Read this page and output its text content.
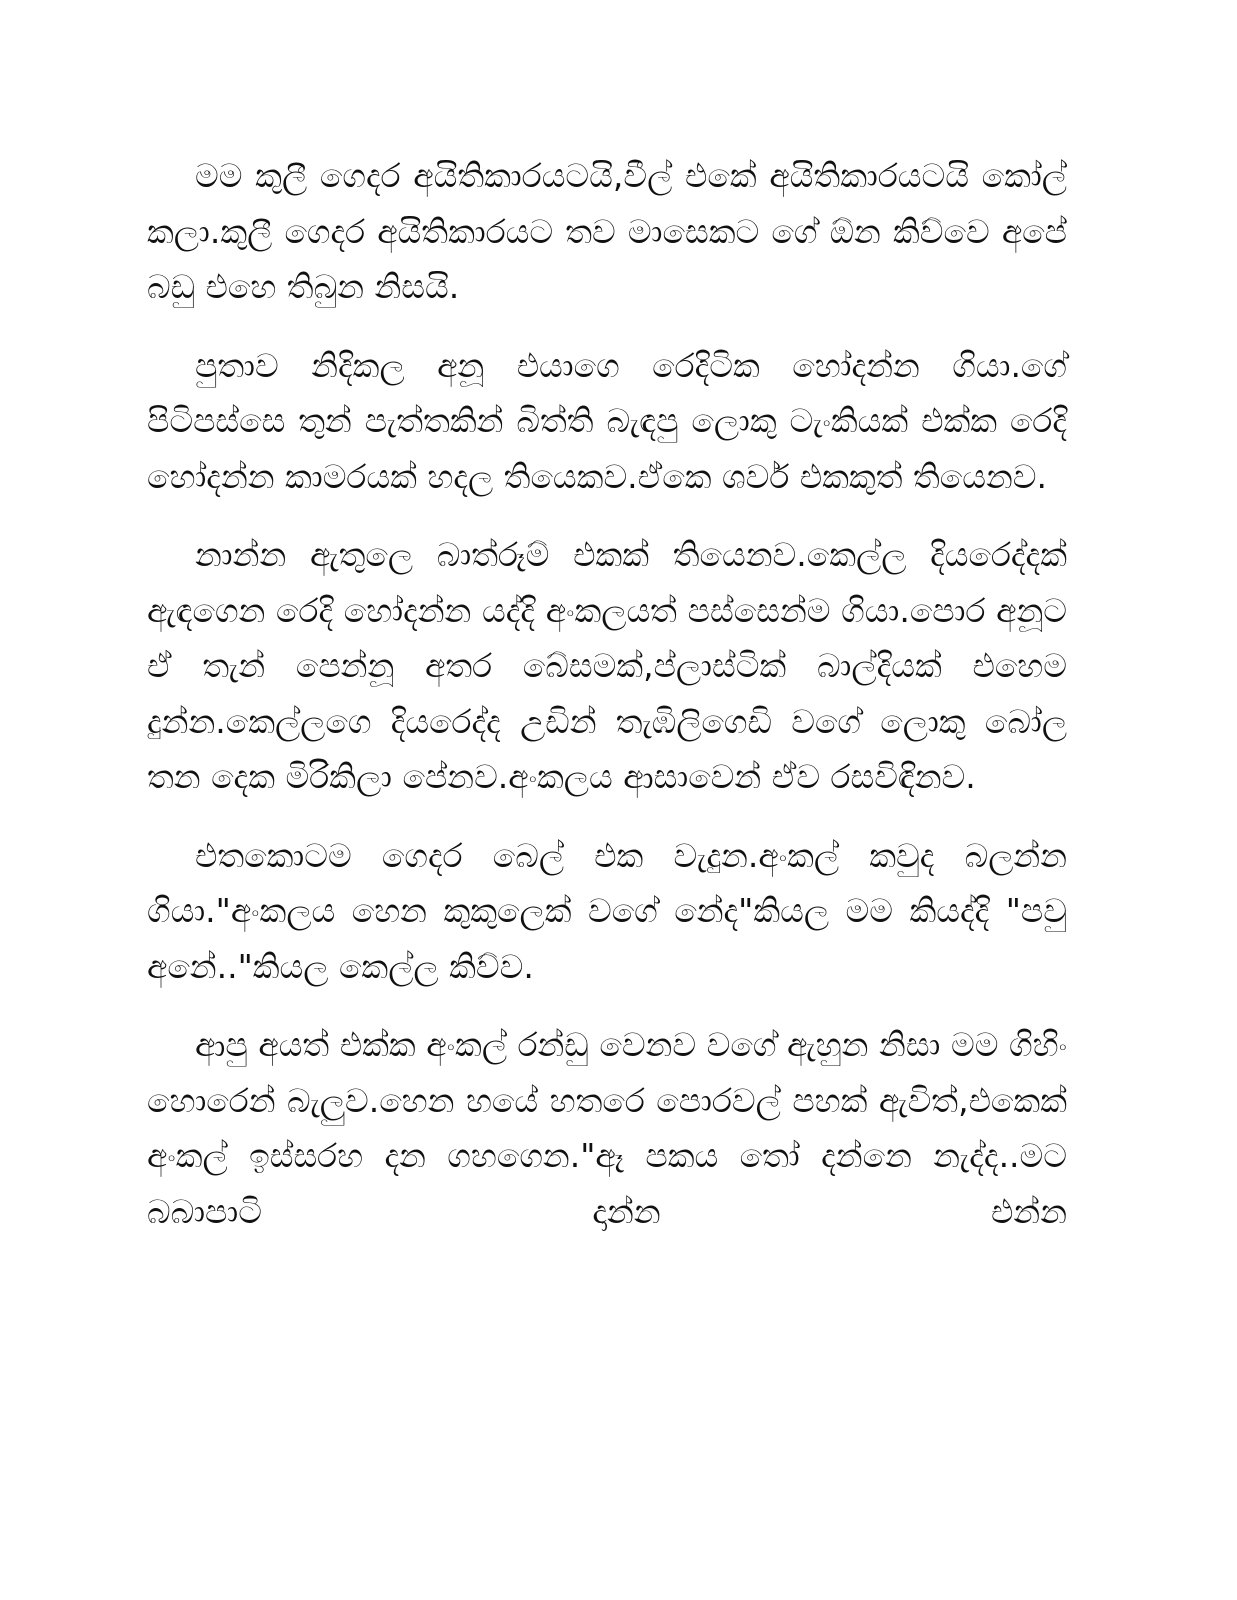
මම කුලී ගෙදර අයිතිකාරයටයි,වීල් එකේ අයිතිකාරයටයි කෝල් කලා.කුලී ගෙදර අයිතිකාරයට තව මාසෙකට ගේ ඕන කිව්වෙ අපේ බඩු එහෙ තිබුන නිසයි.

පුතාව නිදිකල අනූ එයාගෙ රෙදිටික හෝදන්න ගියා.ගේ පිටිපස්සෙ තුන් පැත්තකින් බිත්ති බැඳපු ලොකු ටැංකියක් එක්ක රෙදි හෝදන්න කාමරයක් හදල තියෙකව.ඒකෙ ශවර් එකකුත් තියෙනව.

නාන්න ඇතුලෙ බාත්රූම් එකක් තියෙනව.කෙල්ල දියරෙද්දක් ඇඳගෙන රෙදි හෝදන්න යද්දි අංකලයත් පස්සෙන්ම ගියා.පොර අනූට ඒ තැන් පෙන්නූ අතර බේසමක්,ප්ලාස්ටික් බාල්දියක් එහෙම දුන්න.කෙල්ලගෙ දියරෙද්ද උඩින් තැඹිලිගෙඩි වගේ ලොකු බෝල තන දෙක මිරිකිලා පේනව.අංකලය ආසාවෙන් ඒව රසවිඳිනව.

එතකොටම ගෙදර බෙල් එක වැදුන.අංකල් කවුද බලන්න ගියා."අංකලය හෙන කුකුලෙක් වගේ නේද"කියල මම කියද්දි "පවු අනේ.."කියල කෙල්ල කිව්ව.

ආපු අයත් එක්ක අංකල් රන්ඩු වෙනව වගේ ඇහුන නිසා මම ගිහිං හොරෙන් බැලුව.හෙන හයේ හතරෙ පොරවල් පහක් ඇවිත්,එකෙක් අංකල් ඉස්සරහ දන ගහගෙන."ඈ පකය තෝ දන්නෙ නැද්ද..මට බබාපාටි දාන්න එන්න
